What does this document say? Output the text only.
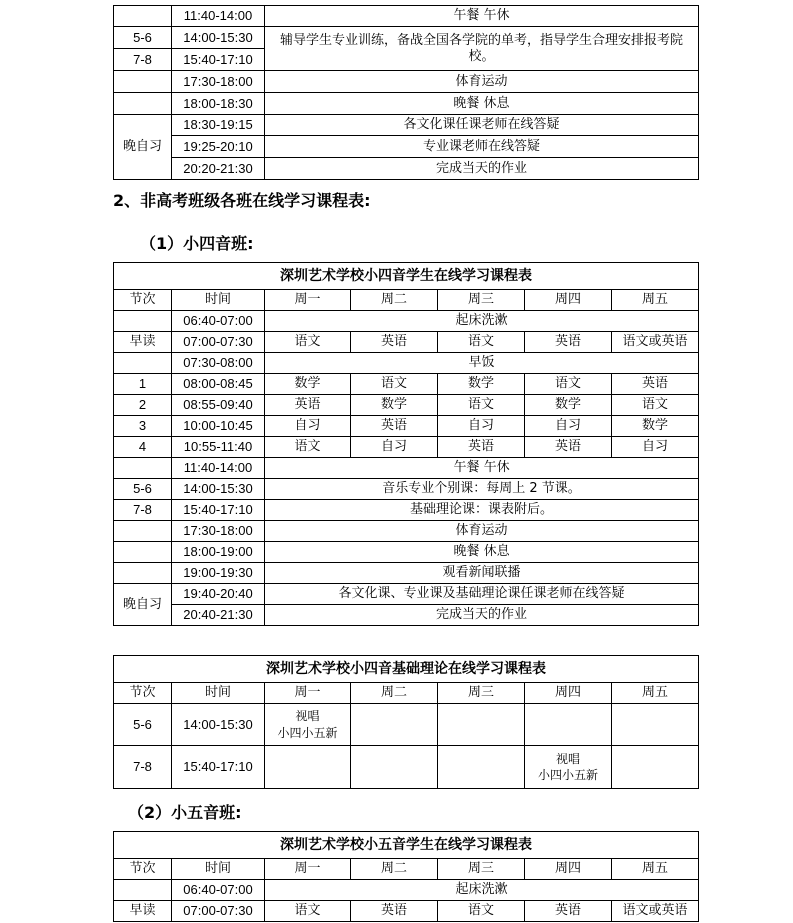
	11:40-14:00	午餐 午休
5-6	14:00-15:30	辅导学生专业训练，备战全国各学院的单考，指导学生合理安排报考院校。
7-8	15:40-17:10	
	17:30-18:00	体育运动
	18:00-18:30	晚餐 休息
晚自习	18:30-19:15	各文化课任课老师在线答疑
	19:25-20:10	专业课老师在线答疑
	20:20-21:30	完成当天的作业
2、非高考班级各班在线学习课程表:
（1）小四音班:
深圳艺术学校小四音学生在线学习课程表						
节次	时间	周一	周二	周三	周四	周五
	06:40-07:00	起床洗漱				
早读	07:00-07:30	语文	英语	语文	英语	语文或英语
	07:30-08:00	早饭				
1	08:00-08:45	数学	语文	数学	语文	英语
2	08:55-09:40	英语	数学	语文	数学	语文
3	10:00-10:45	自习	英语	自习	自习	数学
4	10:55-11:40	语文	自习	英语	英语	自习
	11:40-14:00	午餐 午休				
5-6	14:00-15:30	音乐专业个别课：每周上 2 节课。				
7-8	15:40-17:10	基础理论课：课表附后。				
	17:30-18:00	体育运动				
	18:00-19:00	晚餐 休息				
	19:00-19:30	观看新闻联播				
晚自习	19:40-20:40	各文化课、专业课及基础理论课任课老师在线答疑				
	20:40-21:30	完成当天的作业				
深圳艺术学校小四音基础理论在线学习课程表						
节次	时间	周一	周二	周三	周四	周五
5-6	14:00-15:30	视唱
小四小五新				

7-8	15:40-17:10				视唱
小四小五新	

（2）小五音班:
深圳艺术学校小五音学生在线学习课程表						
节次	时间	周一	周二	周三	周四	周五
	06:40-07:00	起床洗漱				
早读	07:00-07:30	语文	英语	语文	英语	语文或英语
